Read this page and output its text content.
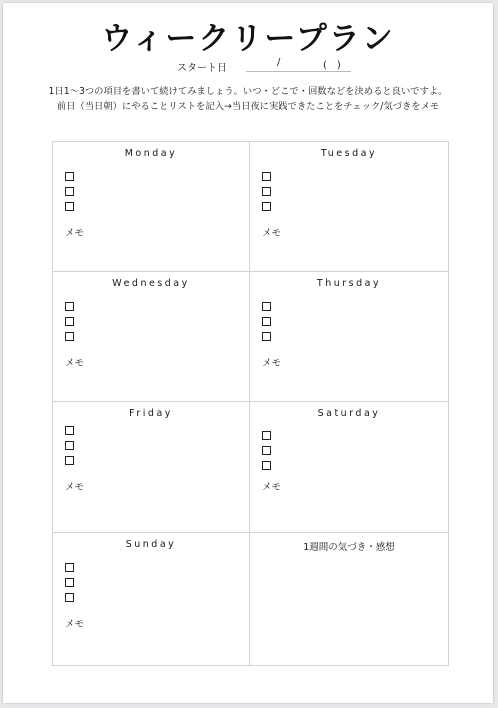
ウィークリープラン
スタート日
/	(　)
1日1〜3つの項目を書いて続けてみましょう。いつ・どこで・回数などを決めると良いですよ。
前日（当日朝）にやることリストを記入→当日夜に実践できたことをチェック/気づきをメモ
Monday
メモ
Tuesday
メモ
Wednesday
メモ
Thursday
メモ
Friday
メモ
Saturday
メモ
Sunday
メモ
1週間の気づき・感想
